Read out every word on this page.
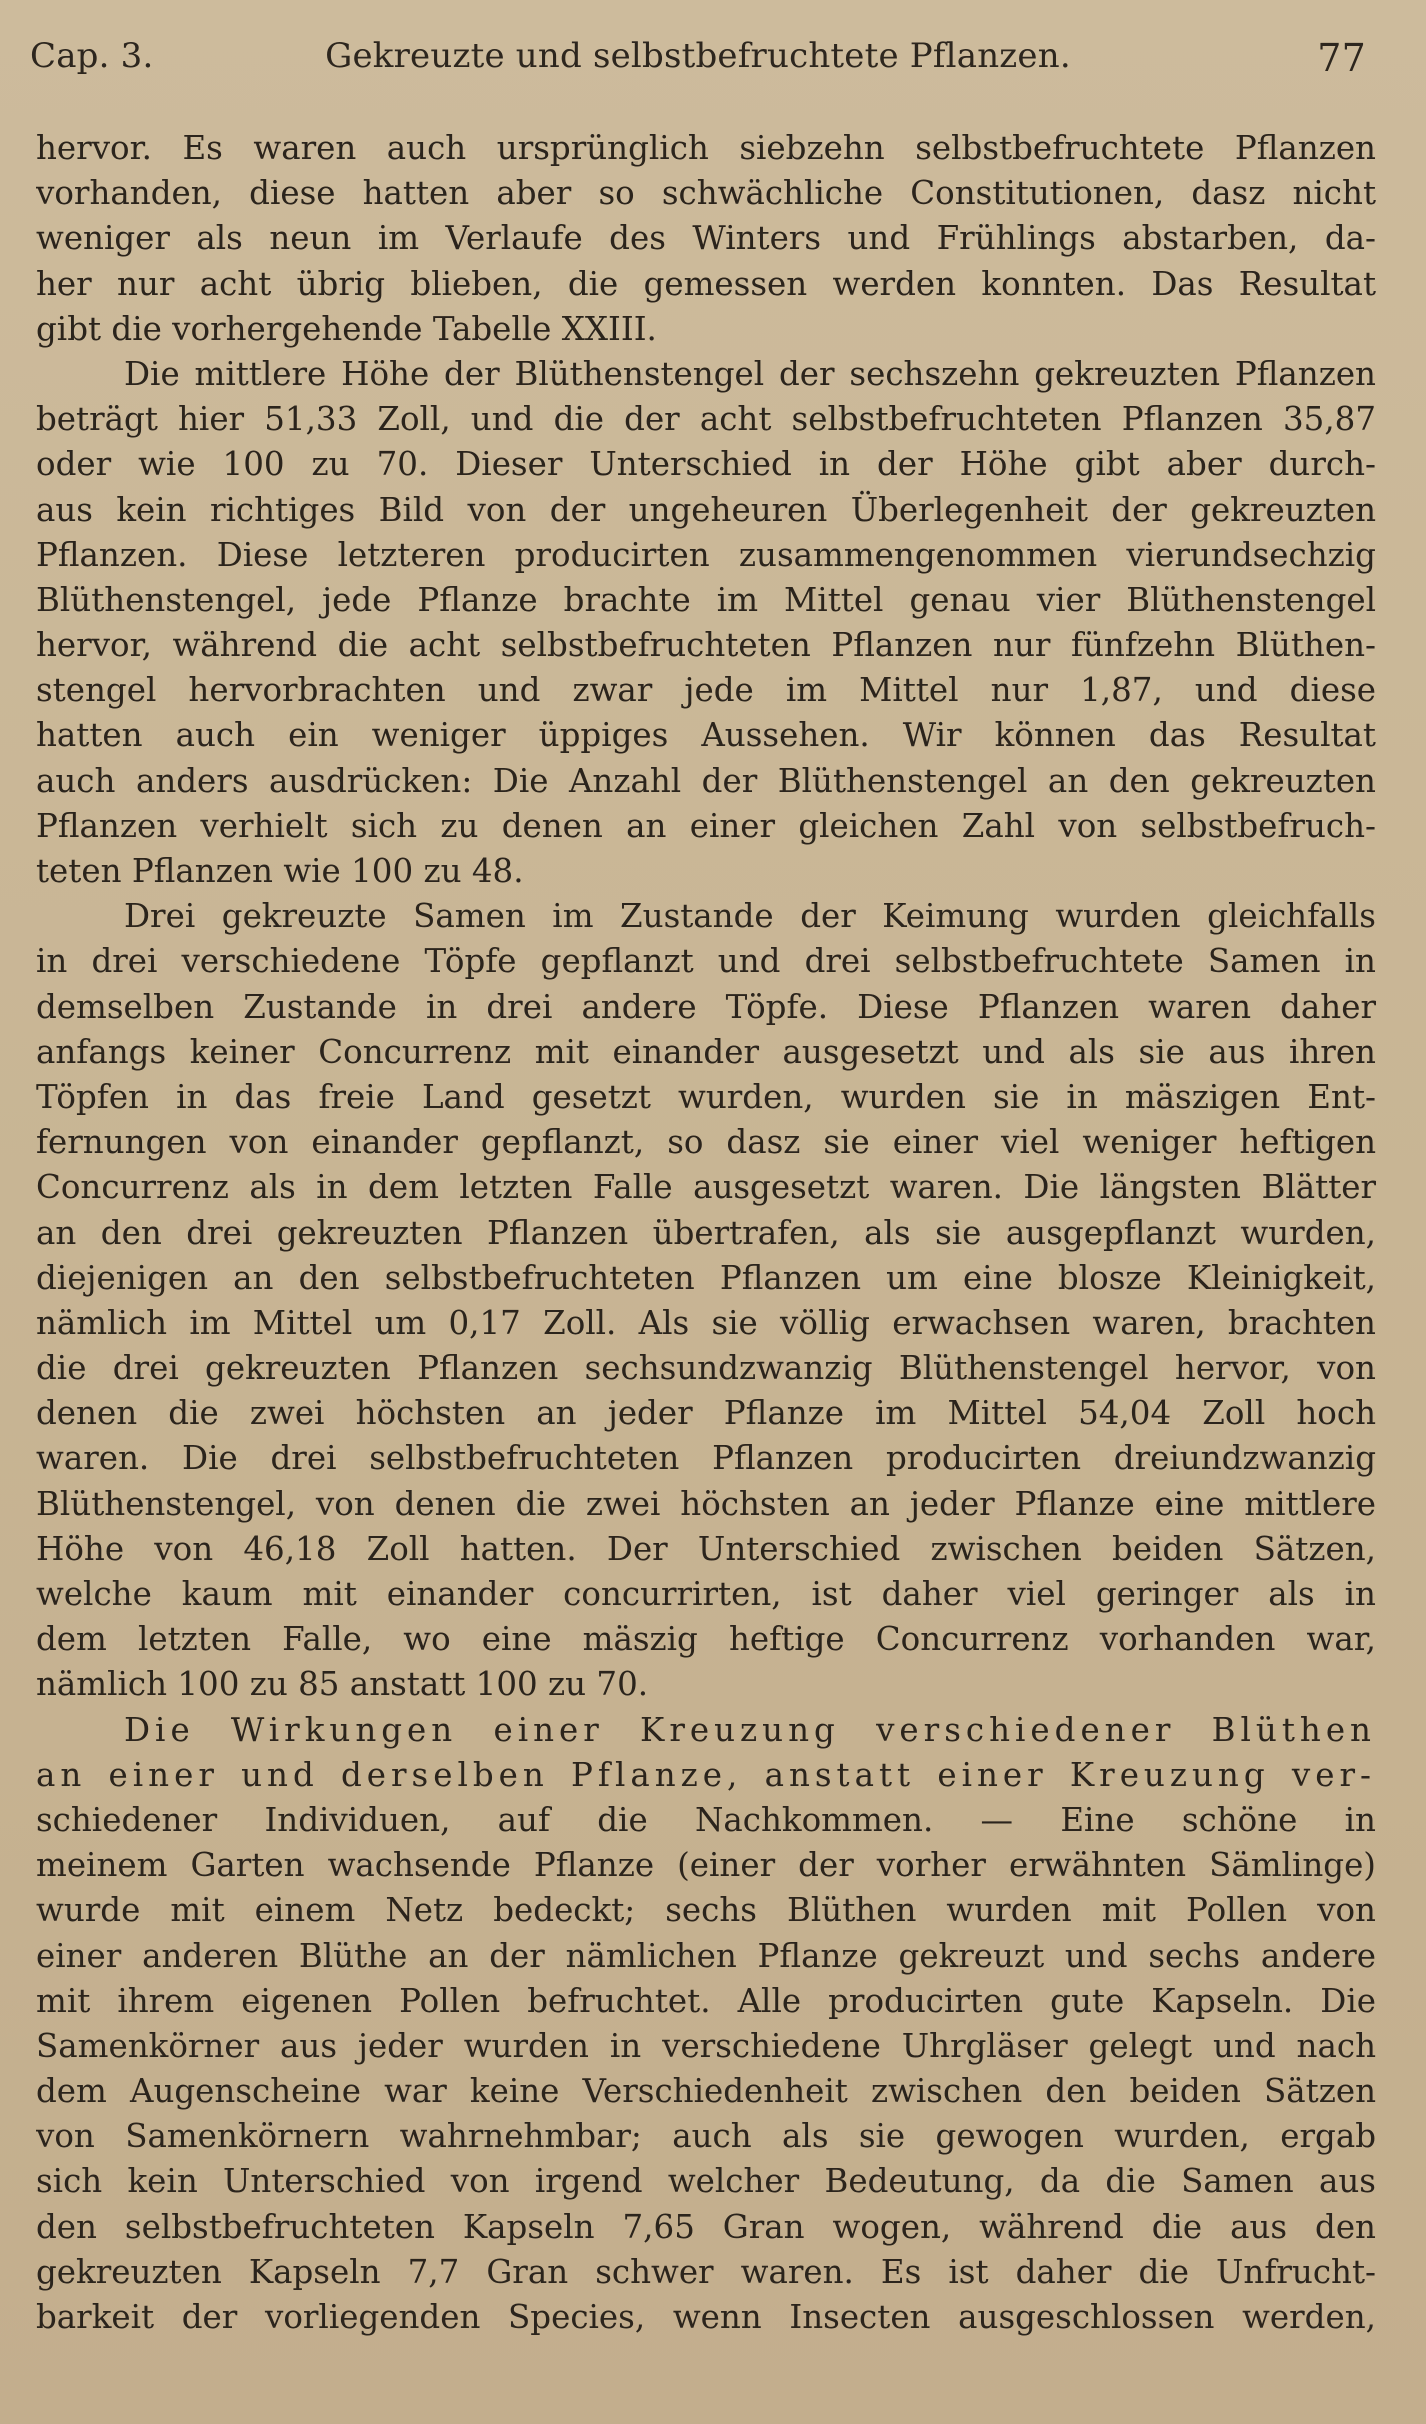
Cap. 3.	Gekreuzte und selbstbefruchtete Pflanzen.	77
hervor. Es waren auch ursprünglich siebzehn selbstbefruchtete Pflanzen
vorhanden, diese hatten aber so schwächliche Constitutionen, dasz nicht
weniger als neun im Verlaufe des Winters und Frühlings abstarben, da-
her nur acht übrig blieben, die gemessen werden konnten. Das Resultat
gibt die vorhergehende Tabelle XXIII.
Die mittlere Höhe der Blüthenstengel der sechszehn gekreuzten Pflanzen
beträgt hier 51,33 Zoll, und die der acht selbstbefruchteten Pflanzen 35,87
oder wie 100 zu 70. Dieser Unterschied in der Höhe gibt aber durch-
aus kein richtiges Bild von der ungeheuren Überlegenheit der gekreuzten
Pflanzen. Diese letzteren producirten zusammengenommen vierundsechzig
Blüthenstengel, jede Pflanze brachte im Mittel genau vier Blüthenstengel
hervor, während die acht selbstbefruchteten Pflanzen nur fünfzehn Blüthen-
stengel hervorbrachten und zwar jede im Mittel nur 1,87, und diese
hatten auch ein weniger üppiges Aussehen. Wir können das Resultat
auch anders ausdrücken: Die Anzahl der Blüthenstengel an den gekreuzten
Pflanzen verhielt sich zu denen an einer gleichen Zahl von selbstbefruch-
teten Pflanzen wie 100 zu 48.
Drei gekreuzte Samen im Zustande der Keimung wurden gleichfalls
in drei verschiedene Töpfe gepflanzt und drei selbstbefruchtete Samen in
demselben Zustande in drei andere Töpfe. Diese Pflanzen waren daher
anfangs keiner Concurrenz mit einander ausgesetzt und als sie aus ihren
Töpfen in das freie Land gesetzt wurden, wurden sie in mäszigen Ent-
fernungen von einander gepflanzt, so dasz sie einer viel weniger heftigen
Concurrenz als in dem letzten Falle ausgesetzt waren. Die längsten Blätter
an den drei gekreuzten Pflanzen übertrafen, als sie ausgepflanzt wurden,
diejenigen an den selbstbefruchteten Pflanzen um eine blosze Kleinigkeit,
nämlich im Mittel um 0,17 Zoll. Als sie völlig erwachsen waren, brachten
die drei gekreuzten Pflanzen sechsundzwanzig Blüthenstengel hervor, von
denen die zwei höchsten an jeder Pflanze im Mittel 54,04 Zoll hoch
waren. Die drei selbstbefruchteten Pflanzen producirten dreiundzwanzig
Blüthenstengel, von denen die zwei höchsten an jeder Pflanze eine mittlere
Höhe von 46,18 Zoll hatten. Der Unterschied zwischen beiden Sätzen,
welche kaum mit einander concurrirten, ist daher viel geringer als in
dem letzten Falle, wo eine mäszig heftige Concurrenz vorhanden war,
nämlich 100 zu 85 anstatt 100 zu 70.
Die Wirkungen einer Kreuzung verschiedener Blüthen
an einer und derselben Pflanze, anstatt einer Kreuzung ver-
schiedener Individuen, auf die Nachkommen. — Eine schöne in
meinem Garten wachsende Pflanze (einer der vorher erwähnten Sämlinge)
wurde mit einem Netz bedeckt; sechs Blüthen wurden mit Pollen von
einer anderen Blüthe an der nämlichen Pflanze gekreuzt und sechs andere
mit ihrem eigenen Pollen befruchtet. Alle producirten gute Kapseln. Die
Samenkörner aus jeder wurden in verschiedene Uhrgläser gelegt und nach
dem Augenscheine war keine Verschiedenheit zwischen den beiden Sätzen
von Samenkörnern wahrnehmbar; auch als sie gewogen wurden, ergab
sich kein Unterschied von irgend welcher Bedeutung, da die Samen aus
den selbstbefruchteten Kapseln 7,65 Gran wogen, während die aus den
gekreuzten Kapseln 7,7 Gran schwer waren. Es ist daher die Unfrucht-
barkeit der vorliegenden Species, wenn Insecten ausgeschlossen werden,
